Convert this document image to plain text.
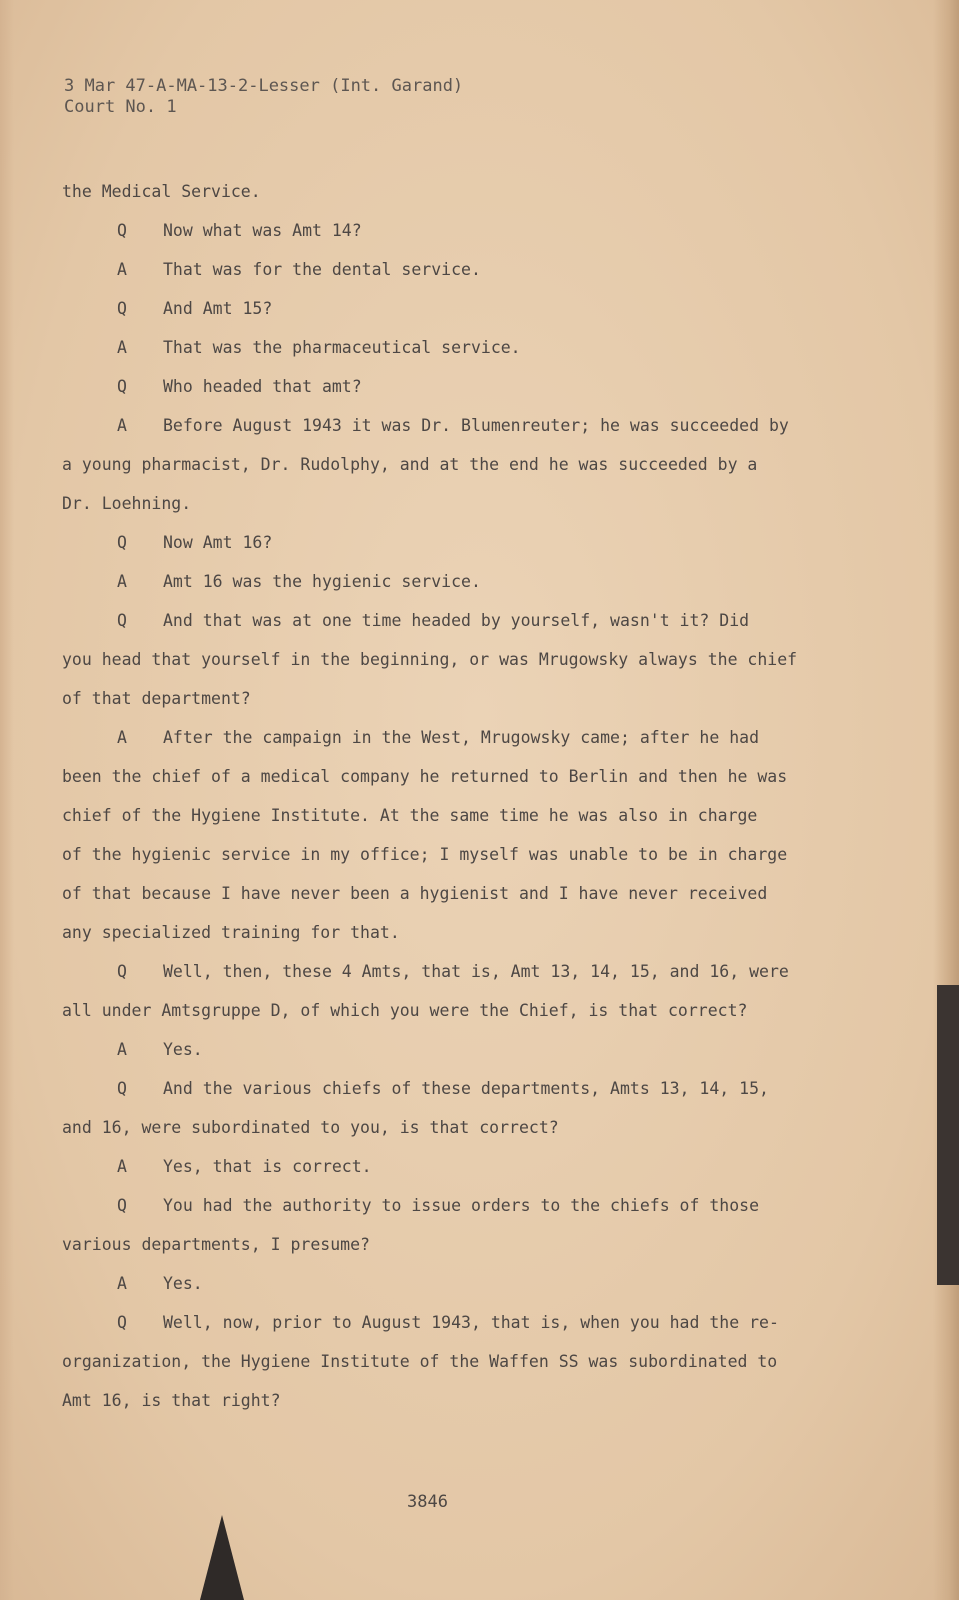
3 Mar 47-A-MA-13-2-Lesser (Int. Garand)
Court No. 1
the Medical Service.
Q Now what was Amt 14?
A That was for the dental service.
Q And Amt 15?
A That was the pharmaceutical service.
Q Who headed that amt?
A Before August 1943 it was Dr. Blumenreuter; he was succeeded by
a young pharmacist, Dr. Rudolphy, and at the end he was succeeded by a
Dr. Loehning.
Q Now Amt 16?
A Amt 16 was the hygienic service.
Q And that was at one time headed by yourself, wasn't it? Did
you head that yourself in the beginning, or was Mrugowsky always the chief
of that department?
A After the campaign in the West, Mrugowsky came; after he had
been the chief of a medical company he returned to Berlin and then he was
chief of the Hygiene Institute. At the same time he was also in charge
of the hygienic service in my office; I myself was unable to be in charge
of that because I have never been a hygienist and I have never received
any specialized training for that.
Q Well, then, these 4 Amts, that is, Amt 13, 14, 15, and 16, were
all under Amtsgruppe D, of which you were the Chief, is that correct?
A Yes.
Q And the various chiefs of these departments, Amts 13, 14, 15,
and 16, were subordinated to you, is that correct?
A Yes, that is correct.
Q You had the authority to issue orders to the chiefs of those
various departments, I presume?
A Yes.
Q Well, now, prior to August 1943, that is, when you had the re-
organization, the Hygiene Institute of the Waffen SS was subordinated to
Amt 16, is that right?
3846
